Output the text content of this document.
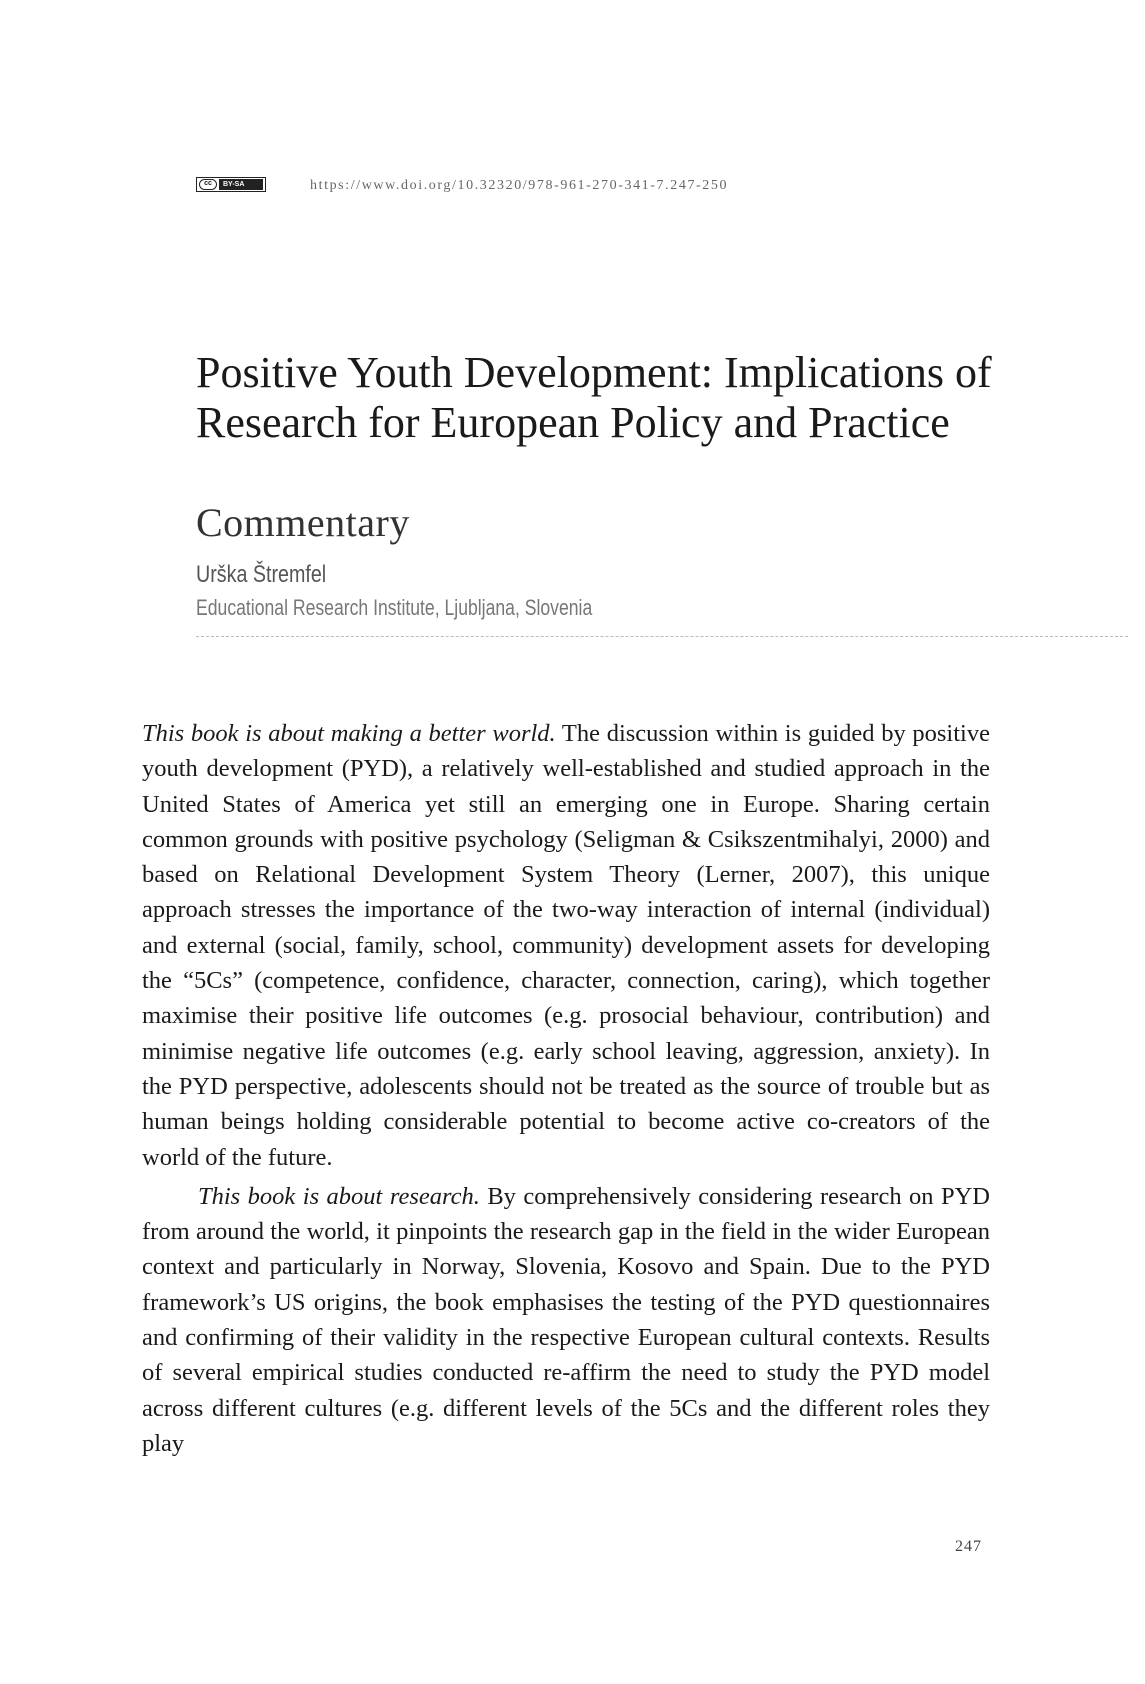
cc	BY-SA	https://www.doi.org/10.32320/978-961-270-341-7.247-250
Positive Youth Development: Implications of Research for European Policy and Practice
Commentary
Urška Štremfel
Educational Research Institute, Ljubljana, Slovenia

This book is about making a better world. The discussion within is guided by positive youth development (PYD), a relatively well-established and studied approach in the United States of America yet still an emerging one in Europe. Sharing certain common grounds with positive psychology (Seligman & Csikszentmihalyi, 2000) and based on Relational Development System Theory (Lerner, 2007), this unique approach stresses the importance of the two-way interaction of internal (individual) and external (social, family, school, community) development assets for developing the “5Cs” (competence, confidence, character, connection, caring), which together maximise their positive life outcomes (e.g. prosocial behaviour, contribution) and minimise negative life outcomes (e.g. early school leaving, aggression, anxiety). In the PYD perspective, adolescents should not be treated as the source of trouble but as human beings holding considerable potential to become active co-creators of the world of the future.

This book is about research. By comprehensively considering research on PYD from around the world, it pinpoints the research gap in the field in the wider European context and particularly in Norway, Slovenia, Kosovo and Spain. Due to the PYD framework’s US origins, the book emphasises the testing of the PYD questionnaires and confirming of their validity in the respective European cultural contexts. Results of several empirical studies conducted re-affirm the need to study the PYD model across different cultures (e.g. different levels of the 5Cs and the different roles they play

247
